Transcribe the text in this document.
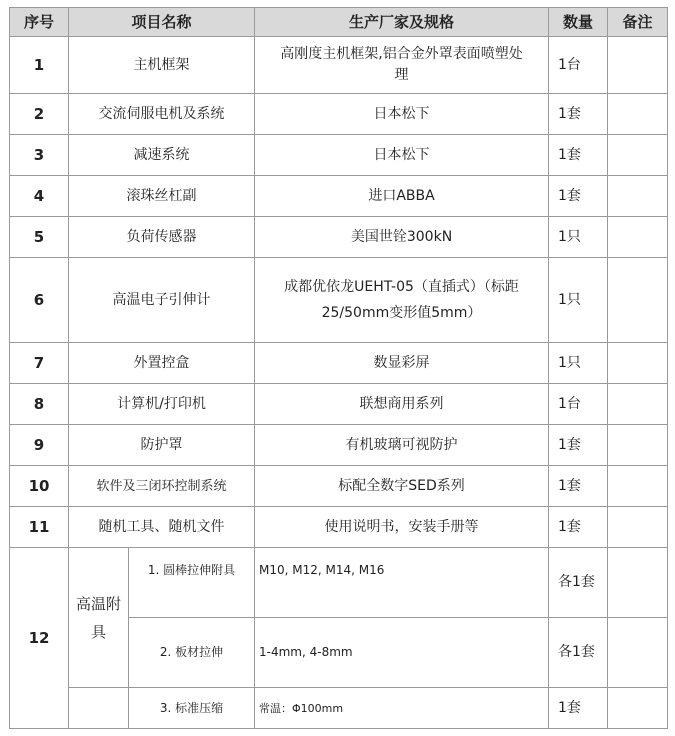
序号	项目名称		生产厂家及规格	数量	备注
1	主机框架		高刚度主机框架,铝合金外罩表面喷塑处理	1台	
2	交流伺服电机及系统		日本松下	1套	
3	减速系统		日本松下	1套	
4	滚珠丝杠副		进口ABBA	1套	
5	负荷传感器		美国世铨300kN	1只	
6	高温电子引伸计		成都优依龙UEHT-05（直插式）（标距25/50mm变形值5mm）	1只	
7	外置控盒		数显彩屏	1只	
8	计算机/打印机		联想商用系列	1台	
9	防护罩		有机玻璃可视防护	1套	
10	软件及三闭环控制系统		标配全数字SED系列	1套	
11	随机工具、随机文件		使用说明书，安装手册等	1套	
12	高温附具	1. 圆棒拉伸附具	M10, M12, M14, M16	各1套	
		2. 板材拉伸	1-4mm, 4-8mm	各1套	
		3. 标准压缩	常温：Φ100mm	1套	
